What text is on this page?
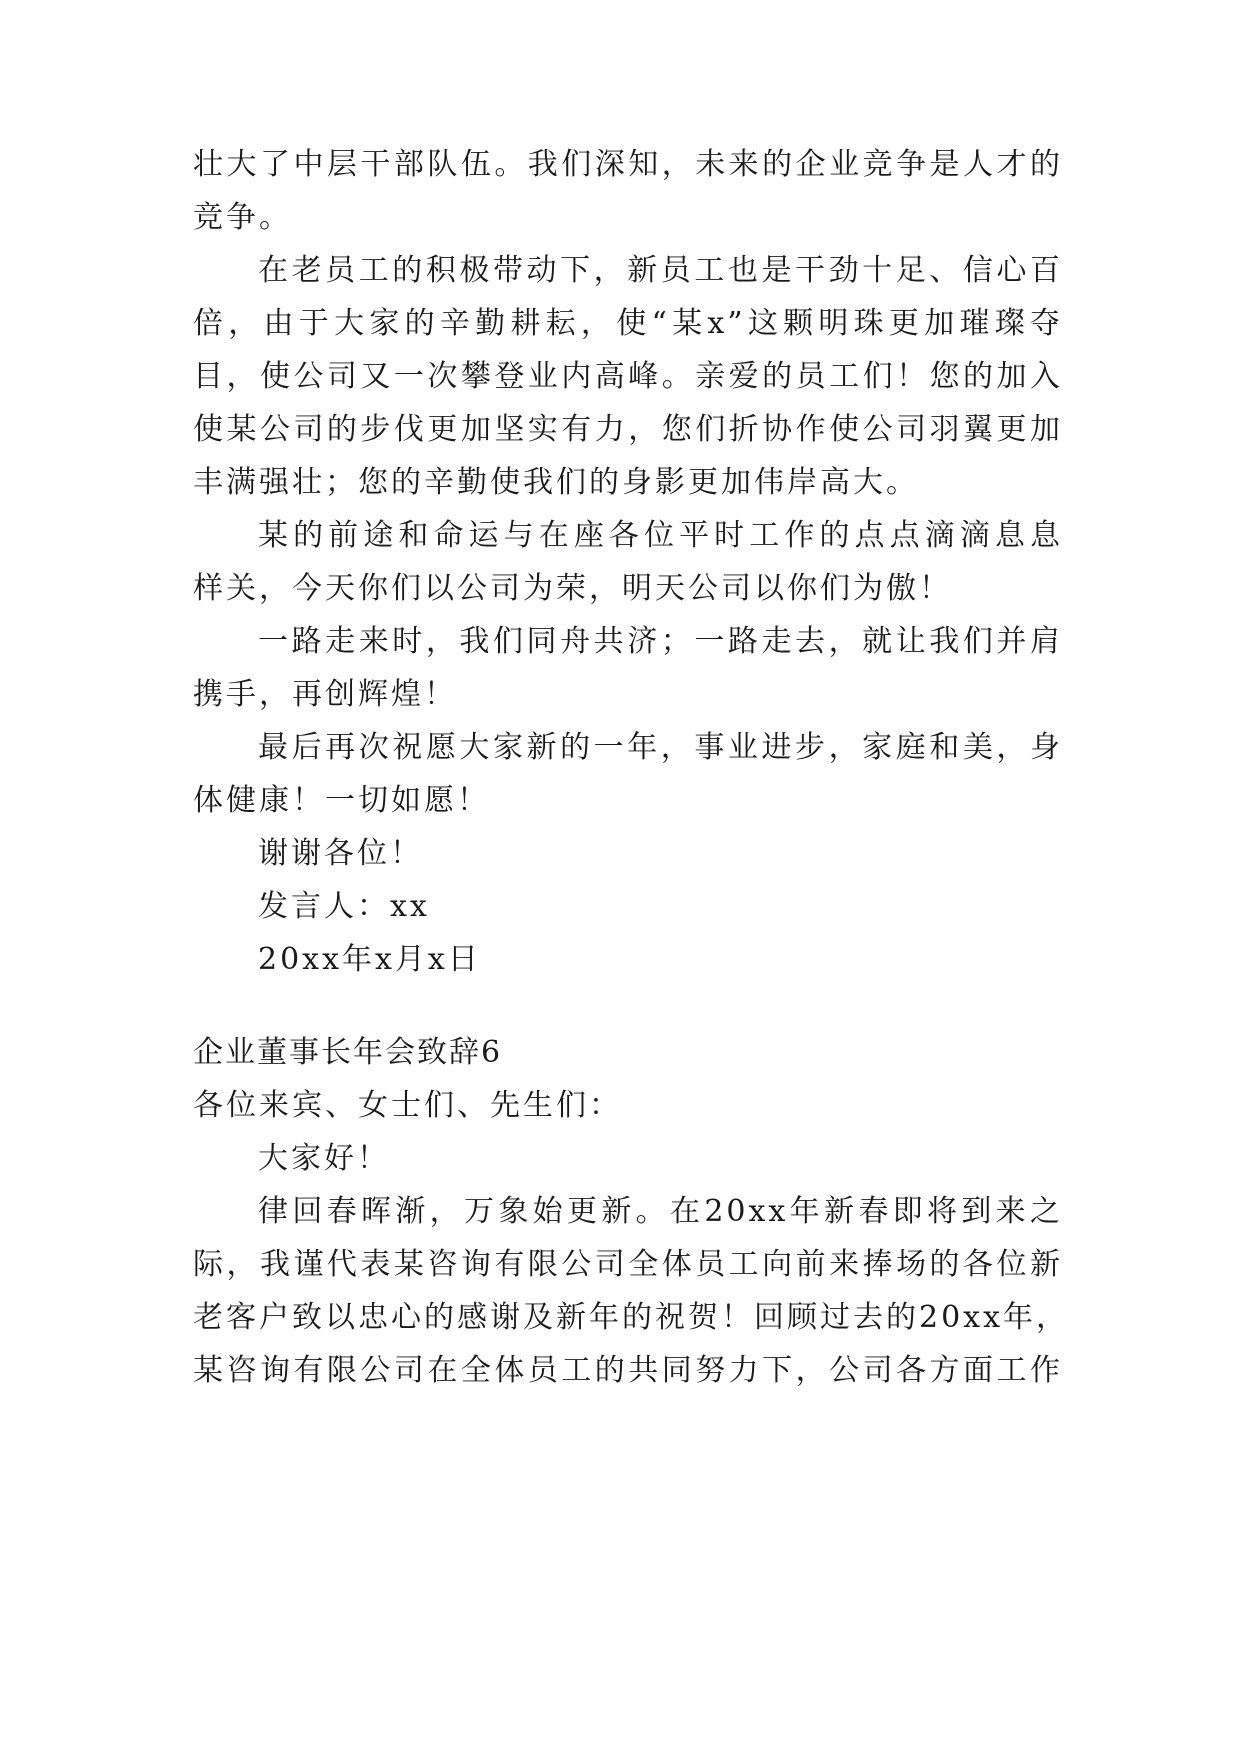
壮大了中层干部队伍。我们深知，未来的企业竞争是人才的
竞争。
在老员工的积极带动下，新员工也是干劲十足、信心百
倍，由于大家的辛勤耕耘，使“某x”这颗明珠更加璀璨夺
目，使公司又一次攀登业内高峰。亲爱的员工们！您的加入
使某公司的步伐更加坚实有力，您们折协作使公司羽翼更加
丰满强壮；您的辛勤使我们的身影更加伟岸高大。
某的前途和命运与在座各位平时工作的点点滴滴息息
样关，今天你们以公司为荣，明天公司以你们为傲！
一路走来时，我们同舟共济；一路走去，就让我们并肩
携手，再创辉煌！
最后再次祝愿大家新的一年，事业进步，家庭和美，身
体健康！一切如愿！
谢谢各位！
发言人：xx
20xx年x月x日
企业董事长年会致辞6
各位来宾、女士们、先生们：
大家好！
律回春晖渐，万象始更新。在20xx年新春即将到来之
际，我谨代表某咨询有限公司全体员工向前来捧场的各位新
老客户致以忠心的感谢及新年的祝贺！回顾过去的20xx年，
某咨询有限公司在全体员工的共同努力下，公司各方面工作
